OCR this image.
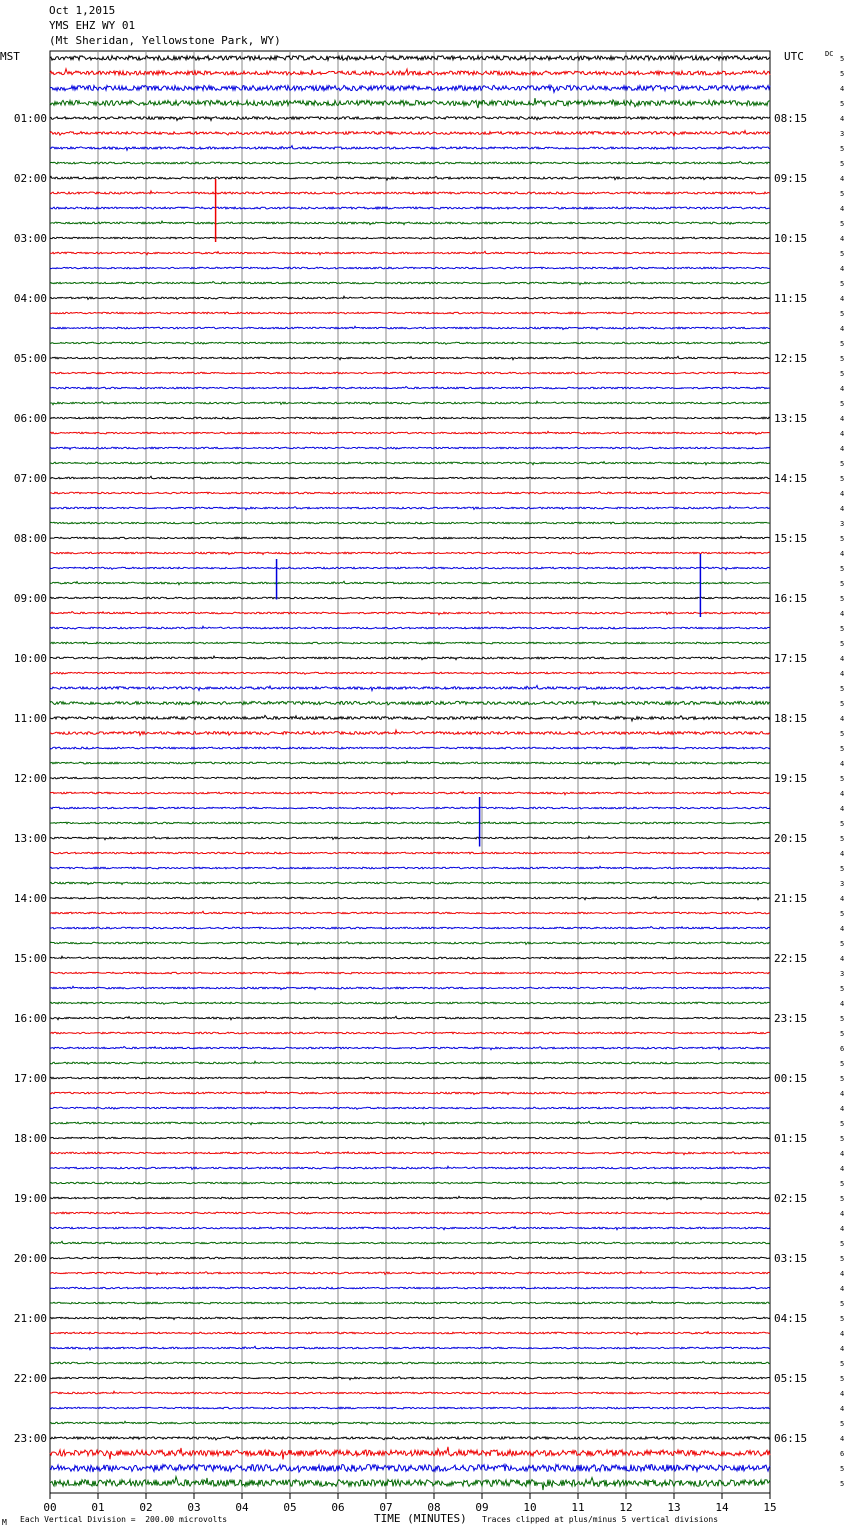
Oct 1,2015
YMS EHZ WY 01
(Mt Sheridan, Yellowstone Park, WY)
MST	UTC	DC
5
5
4
5
4
3
5
5
4
5
4
5
4
5
4
5
4
5
4
5
5
5
4
5
4
4
4
5
5
4
4
3
5
4
5
5
5
4
5
5
4
4
5
5
4
5
5
4
5
4
4
5
5
4
5
3
4
5
4
5
4
3
5
4
5
5
6
5
5
4
4
5
5
4
4
5
5
4
4
5
5
4
4
5
5
4
4
5
5
4
4
5
4
6
5
5
01:00
02:00
03:00
04:00
05:00
06:00
07:00
08:00
09:00
10:00
11:00
12:00
13:00
14:00
15:00
16:00
17:00
18:00
19:00
20:00
21:00
22:00
23:00
08:15
09:15
10:15
11:15
12:15
13:15
14:15
15:15
16:15
17:15
18:15
19:15
20:15
21:15
22:15
23:15
00:15
01:15
02:15
03:15
04:15
05:15
06:15
00	01	02	03	04	05	06	07	08	09	10	11	12	13	14	15
M Each Vertical Division =  200.00 microvolts	TIME (MINUTES) Traces clipped at plus/minus 5 vertical divisions
